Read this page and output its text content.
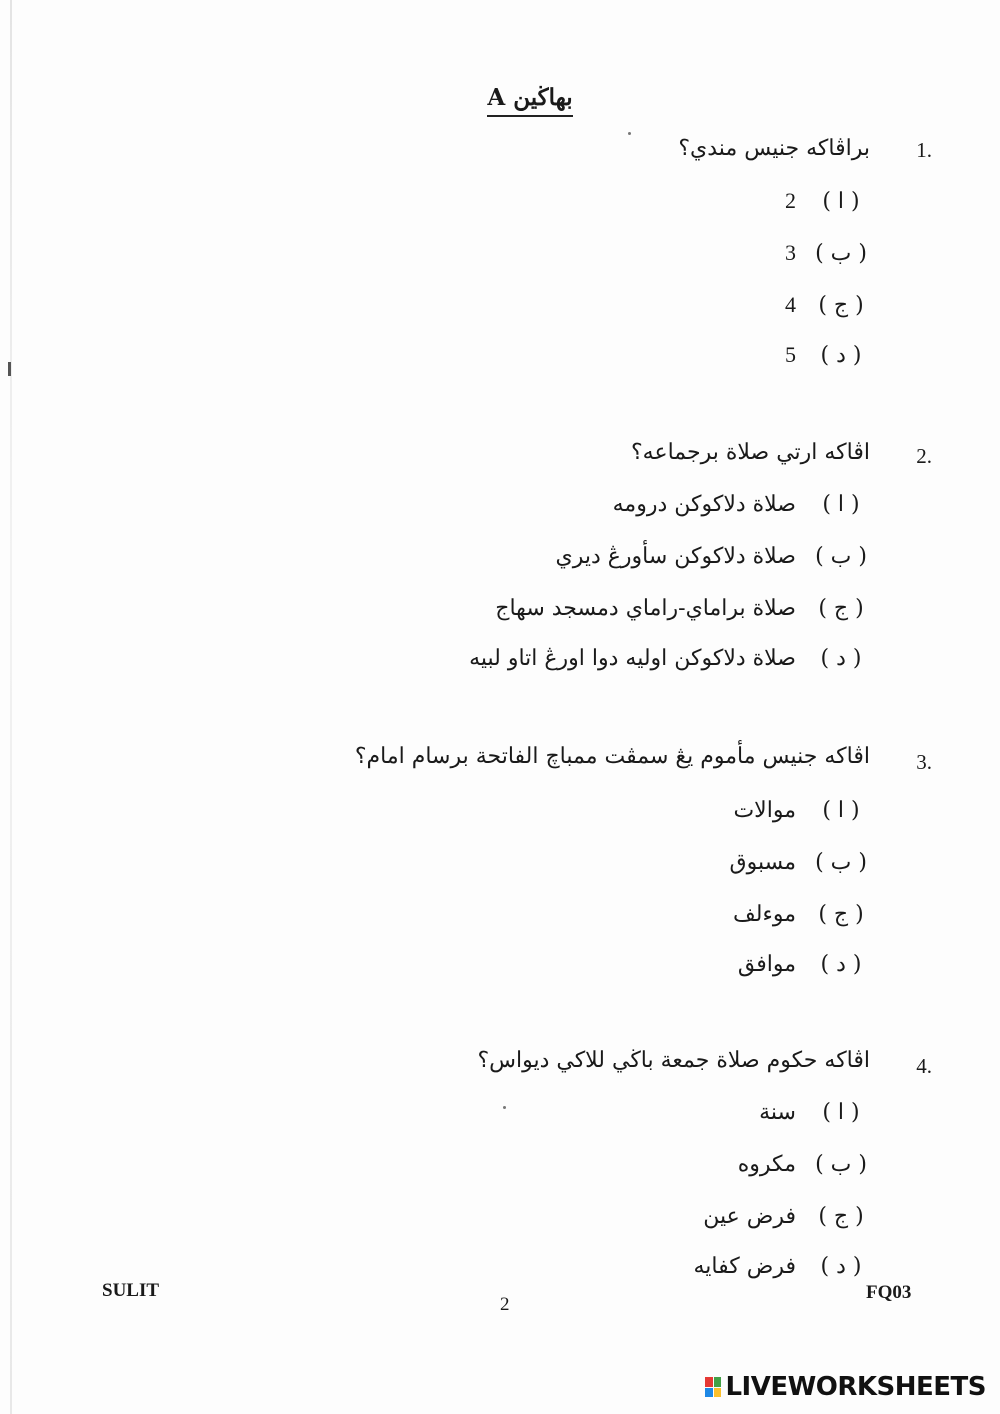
بهاڬين A
1.
براڤاکه جنيس مندي؟
( ا )2
( ب )3
( ج )4
( د )5
2.
اڤاکه ارتي صلاة برجماعه؟
( ا )صلاة دلاکوکن درومه
( ب )صلاة دلاکوکن سأورڠ ديري
( ج )صلاة براماي-راماي دمسجد سهاج
( د )صلاة دلاکوکن اوليه دوا اورڠ اتاو لبيه
3.
اڤاکه جنيس مأموم يڠ سمڤت ممباچ الفاتحة برسام امام؟
( ا )موالات
( ب )مسبوق
( ج )موءلف
( د )موافق
4.
اڤاکه حکوم صلاة جمعة باڬي للاکي ديواس؟
( ا )سنة
( ب )مکروه
( ج )فرض عين
( د )فرض کفايه
SULIT
2
FQ03
LIVEWORKSHEETS
